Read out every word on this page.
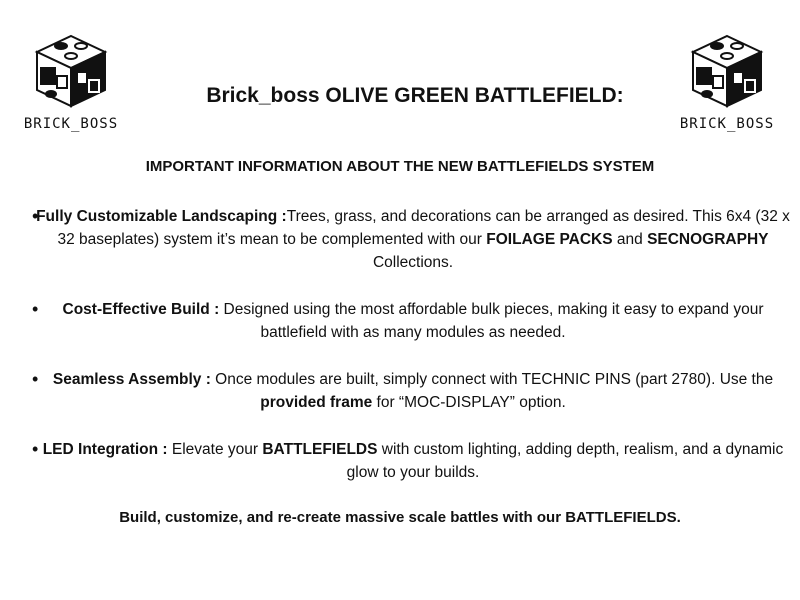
BRICK_BOSS	BRICK_BOSS
Brick_boss OLIVE GREEN BATTLEFIELD:
IMPORTANT INFORMATION ABOUT THE NEW BATTLEFIELDS SYSTEM
• Fully Customizable Landscaping :Trees, grass, and decorations can be arranged as desired. This 6x4 (32 x 32 baseplates) system it’s mean to be complemented with our FOILAGE PACKS and SECNOGRAPHY Collections.
• Cost-Effective Build : Designed using the most affordable bulk pieces, making it easy to expand your battlefield with as many modules as needed.
• Seamless Assembly : Once modules are built, simply connect with TECHNIC PINS (part 2780). Use the provided frame for “MOC-DISPLAY” option.
• LED Integration : Elevate your BATTLEFIELDS with custom lighting, adding depth, realism, and a dynamic glow to your builds.
Build, customize, and re-create massive scale battles with our BATTLEFIELDS.
